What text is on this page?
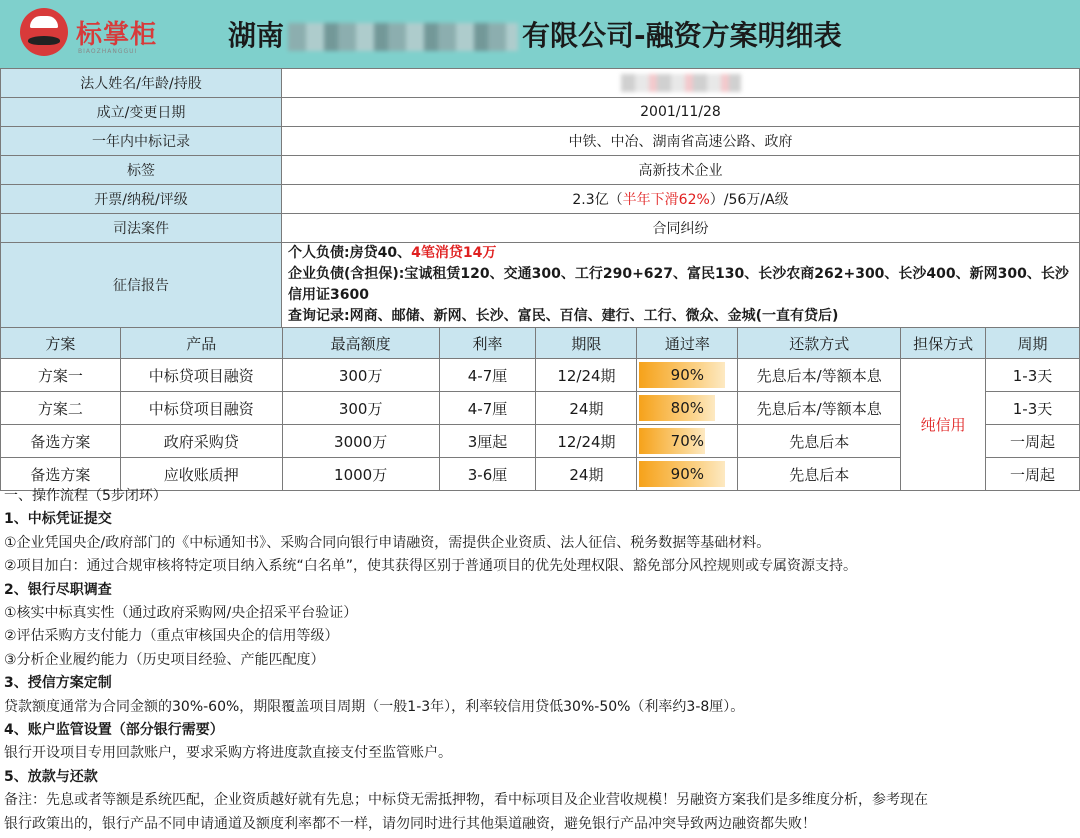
标掌柜
BIAOZHANGGUI	湖南	有限公司-融资方案明细表
法人姓名/年龄/持股	
成立/变更日期	2001/11/28
一年内中标记录	中铁、中冶、湖南省高速公路、政府
标签	高新技术企业
开票/纳税/评级	2.3亿（半年下滑62%）/56万/A级
司法案件	合同纠纷
征信报告	个人负债:房贷40、4笔消贷14万
企业负债(含担保):宝诚租赁120、交通300、工行290+627、富民130、长沙农商262+300、长沙400、新网300、长沙信用证3600
查询记录:网商、邮储、新网、长沙、富民、百信、建行、工行、微众、金城(一直有贷后)
方案	产品	最高额度	利率	期限	通过率	还款方式	担保方式	周期
方案一	中标贷项目融资	300万	4-7厘	12/24期	90%	先息后本/等额本息	纯信用	1-3天
方案二	中标贷项目融资	300万	4-7厘	24期	80%	先息后本/等额本息		1-3天
备选方案	政府采购贷	3000万	3厘起	12/24期	70%	先息后本		一周起
备选方案	应收账质押	1000万	3-6厘	24期	90%	先息后本		一周起
一、操作流程（5步闭环）
1、中标凭证提交
①企业凭国央企/政府部门的《中标通知书》、采购合同向银行申请融资，需提供企业资质、法人征信、税务数据等基础材料。
②项目加白：通过合规审核将特定项目纳入系统“白名单”，使其获得区别于普通项目的优先处理权限、豁免部分风控规则或专属资源支持。
2、银行尽职调查
①核实中标真实性（通过政府采购网/央企招采平台验证）
②评估采购方支付能力（重点审核国央企的信用等级）
③分析企业履约能力（历史项目经验、产能匹配度）
3、授信方案定制
贷款额度通常为合同金额的30%-60%，期限覆盖项目周期（一般1-3年），利率较信用贷低30%-50%（利率约3-8厘）。
4、账户监管设置（部分银行需要）
银行开设项目专用回款账户，要求采购方将进度款直接支付至监管账户。
5、放款与还款
备注：先息或者等额是系统匹配，企业资质越好就有先息；中标贷无需抵押物，看中标项目及企业营收规模！另融资方案我们是多维度分析，参考现在
银行政策出的，银行产品不同申请通道及额度利率都不一样，请勿同时进行其他渠道融资，避免银行产品冲突导致两边融资都失败！
